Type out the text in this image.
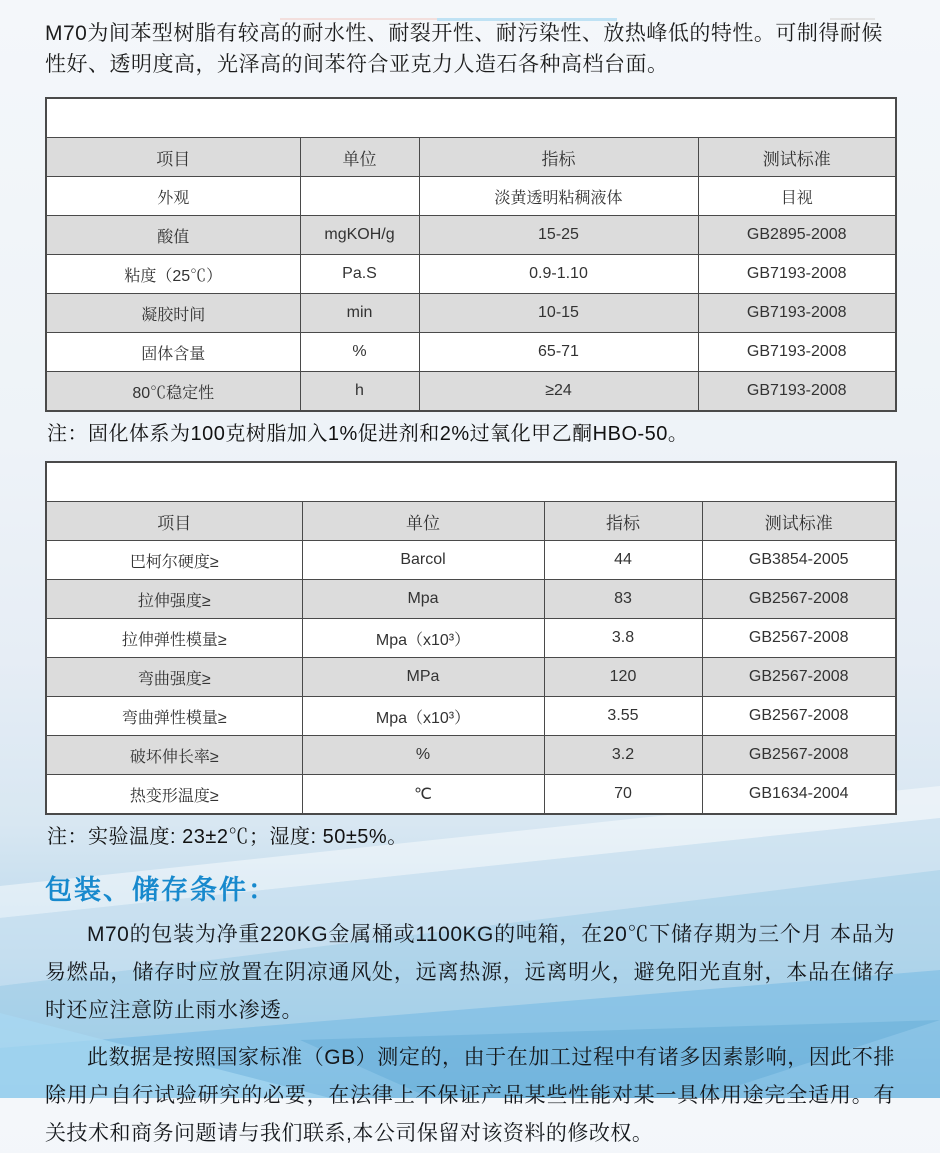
M70为间苯型树脂有较高的耐水性、耐裂开性、耐污染性、放热峰低的特性。可制得耐候性好、透明度高，光泽高的间苯符合亚克力人造石各种高档台面。

液体树脂技术指标			
项目	单位	指标	测试标准
外观		淡黄透明粘稠液体	目视
酸值	mgKOH/g	15-25	GB2895-2008
粘度（25℃）	Pa.S	0.9-1.10	GB7193-2008
凝胶时间	min	10-15	GB7193-2008
固体含量	%	65-71	GB7193-2008
80℃稳定性	h	≥24	GB7193-2008

注：固化体系为100克树脂加入1%促进剂和2%过氧化甲乙酮HBO-50。

树脂浇铸体性能指标			
项目	单位	指标	测试标准
巴柯尔硬度≥	Barcol	44	GB3854-2005
拉伸强度≥	Mpa	83	GB2567-2008
拉伸弹性模量≥	Mpa（x10³）	3.8	GB2567-2008
弯曲强度≥	MPa	120	GB2567-2008
弯曲弹性模量≥	Mpa（x10³）	3.55	GB2567-2008
破坏伸长率≥	%	3.2	GB2567-2008
热变形温度≥	℃	70	GB1634-2004

注：实验温度: 23±2℃；湿度: 50±5%。

包装、储存条件：

M70的包装为净重220KG金属桶或1100KG的吨箱，在20℃下储存期为三个月 本品为易燃品，储存时应放置在阴凉通风处，远离热源，远离明火，避免阳光直射，本品在储存时还应注意防止雨水渗透。

此数据是按照国家标准（GB）测定的，由于在加工过程中有诸多因素影响，因此不排除用户自行试验研究的必要，在法律上不保证产品某些性能对某一具体用途完全适用。有关技术和商务问题请与我们联系,本公司保留对该资料的修改权。
